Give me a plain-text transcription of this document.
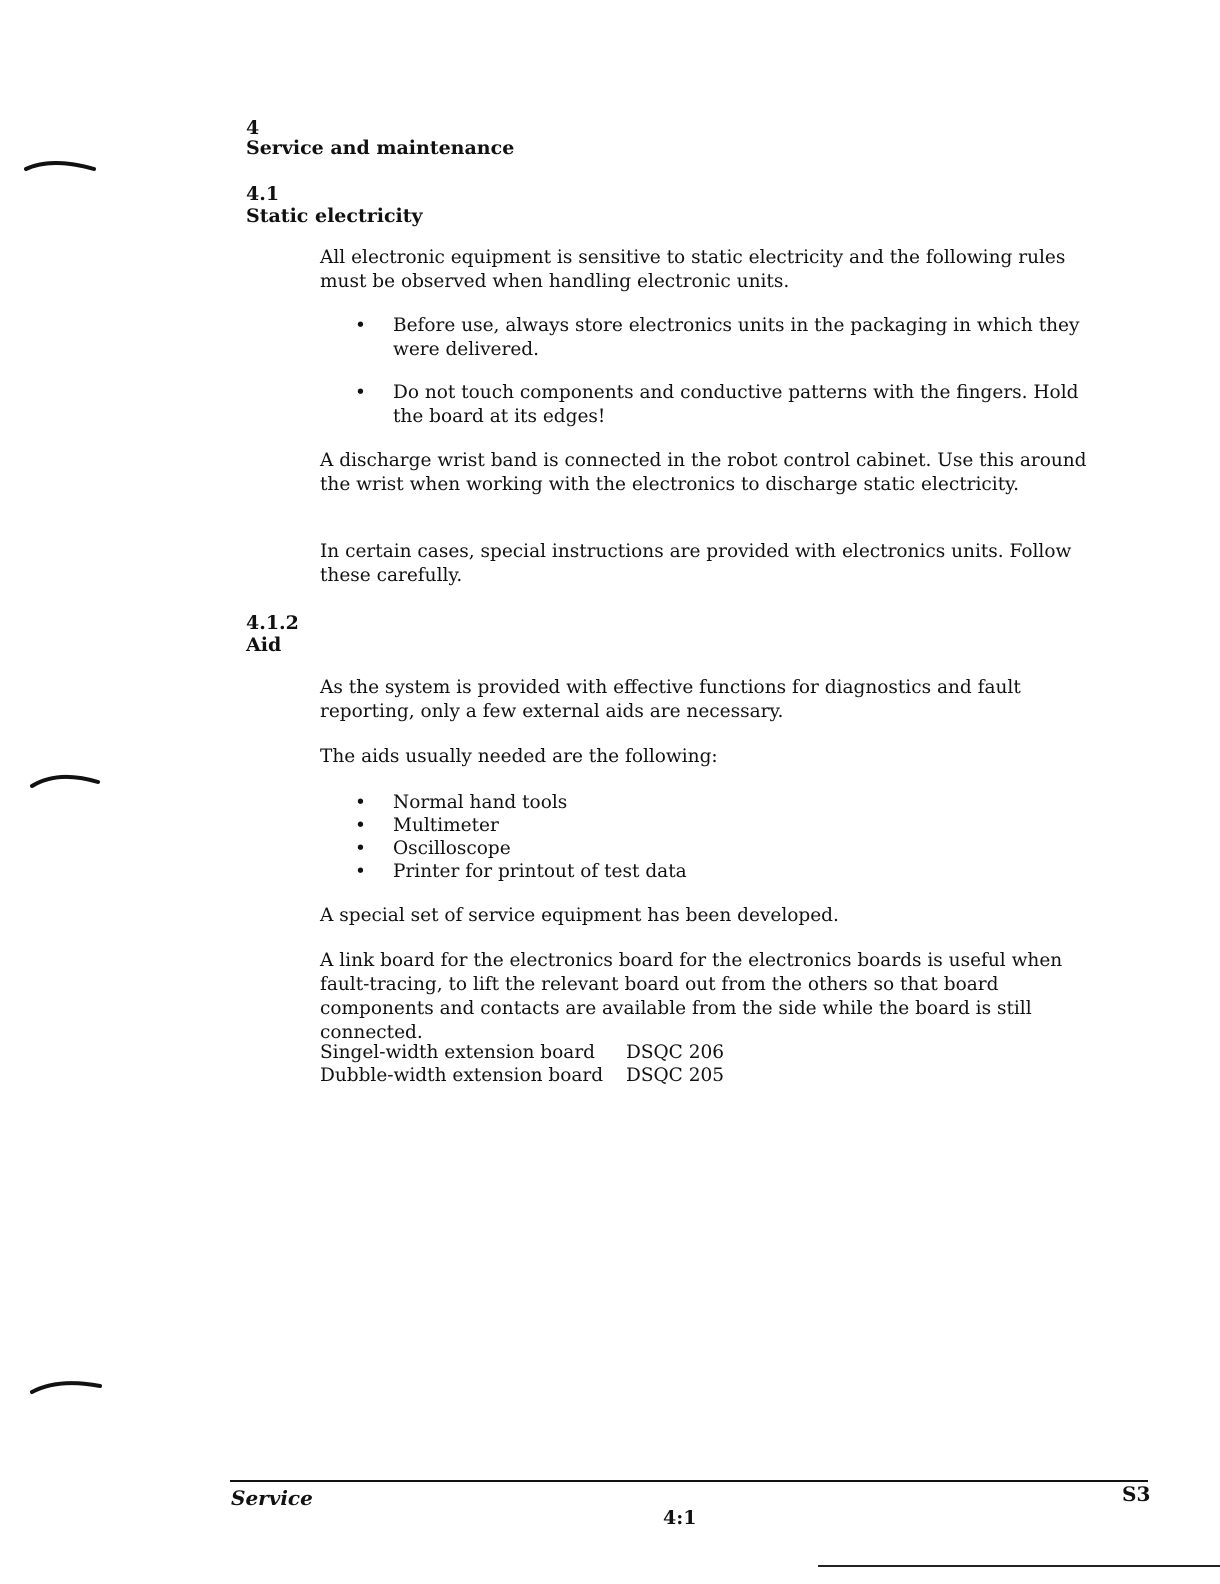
4
Service and maintenance
4.1
Static electricity

All electronic equipment is sensitive to static electricity and the following rules must be observed when handling electronic units.

• Before use, always store electronics units in the packaging in which they were delivered.
• Do not touch components and conductive patterns with the fingers. Hold the board at its edges!

A discharge wrist band is connected in the robot control cabinet. Use this around the wrist when working with the electronics to discharge static electricity.

In certain cases, special instructions are provided with electronics units. Follow these carefully.

4.1.2
Aid

As the system is provided with effective functions for diagnostics and fault reporting, only a few external aids are necessary.

The aids usually needed are the following:

• Normal hand tools
• Multimeter
• Oscilloscope
• Printer for printout of test data

A special set of service equipment has been developed.

A link board for the electronics board for the electronics boards is useful when fault-tracing, to lift the relevant board out from the others so that board components and contacts are available from the side while the board is still connected.

Singel-width extension board DSQC 206
Dubble-width extension board DSQC 205
Service	S3
4:1
